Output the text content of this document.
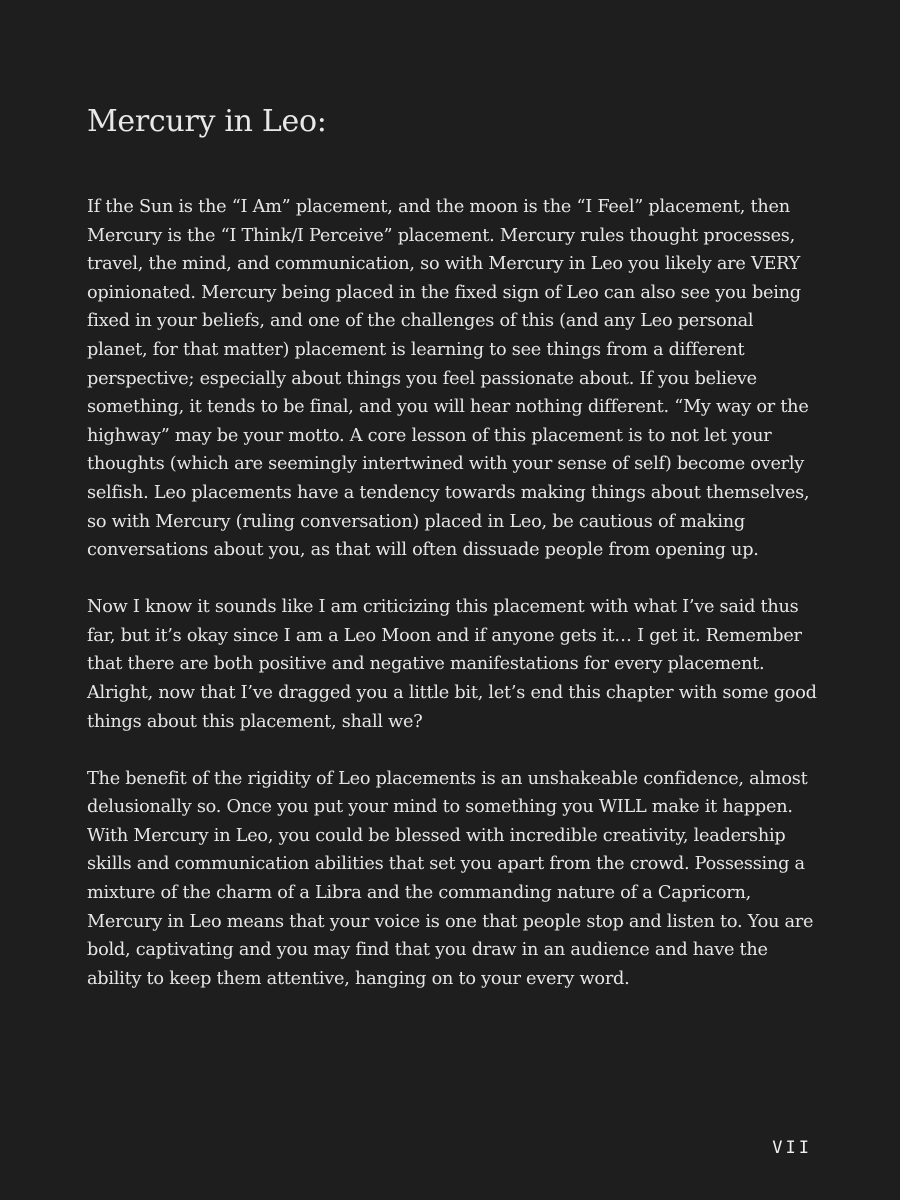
Mercury in Leo:

If the Sun is the “I Am” placement, and the moon is the “I Feel” placement, then Mercury is the “I Think/I Perceive” placement. Mercury rules thought processes, travel, the mind, and communication, so with Mercury in Leo you likely are VERY opinionated. Mercury being placed in the fixed sign of Leo can also see you being fixed in your beliefs, and one of the challenges of this (and any Leo personal planet, for that matter) placement is learning to see things from a different perspective; especially about things you feel passionate about. If you believe something, it tends to be final, and you will hear nothing different. “My way or the highway” may be your motto. A core lesson of this placement is to not let your thoughts (which are seemingly intertwined with your sense of self) become overly selfish. Leo placements have a tendency towards making things about themselves, so with Mercury (ruling conversation) placed in Leo, be cautious of making conversations about you, as that will often dissuade people from opening up.

Now I know it sounds like I am criticizing this placement with what I’ve said thus far, but it’s okay since I am a Leo Moon and if anyone gets it… I get it. Remember that there are both positive and negative manifestations for every placement. Alright, now that I’ve dragged you a little bit, let’s end this chapter with some good things about this placement, shall we?

The benefit of the rigidity of Leo placements is an unshakeable confidence, almost delusionally so. Once you put your mind to something you WILL make it happen. With Mercury in Leo, you could be blessed with incredible creativity, leadership skills and communication abilities that set you apart from the crowd. Possessing a mixture of the charm of a Libra and the commanding nature of a Capricorn, Mercury in Leo means that your voice is one that people stop and listen to. You are bold, captivating and you may find that you draw in an audience and have the ability to keep them attentive, hanging on to your every word.

VII
